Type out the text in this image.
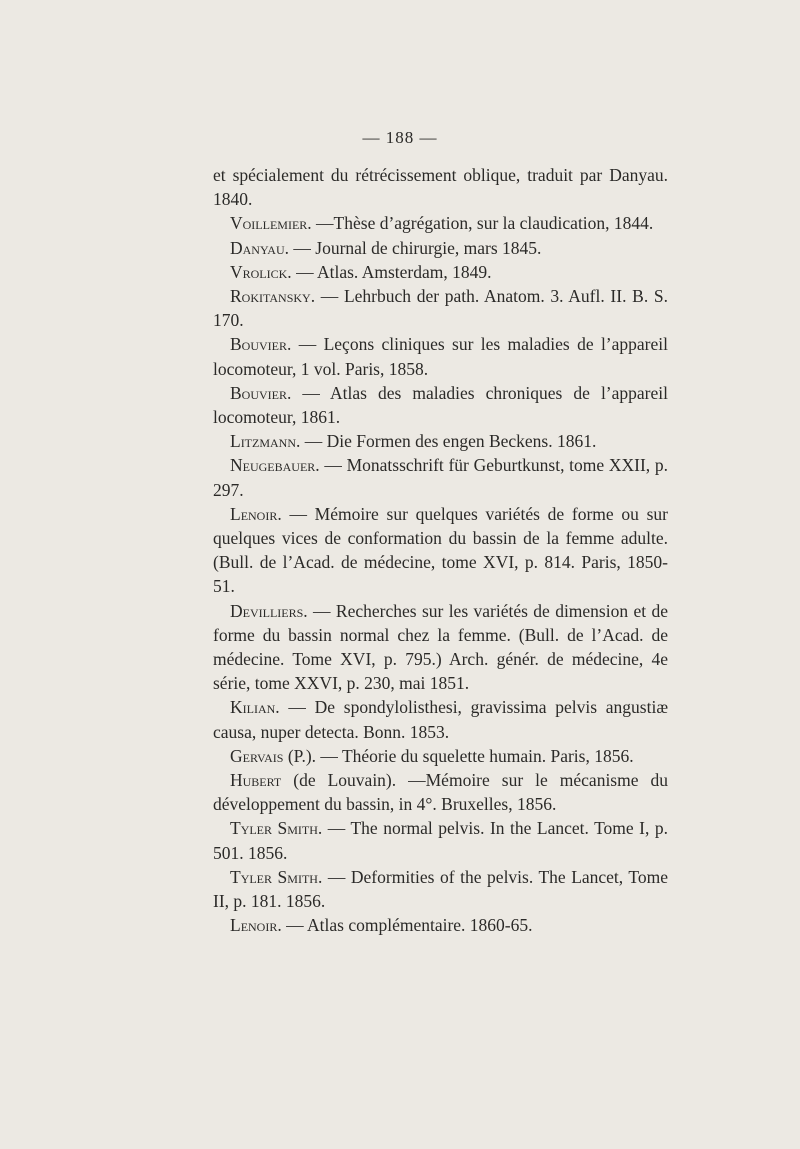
— 188 —

et spécialement du rétrécissement oblique, traduit par Danyau. 1840.

Voillemier. —Thèse d’agrégation, sur la claudication, 1844.

Danyau. — Journal de chirurgie, mars 1845.

Vrolick. — Atlas. Amsterdam, 1849.

Rokitansky. — Lehrbuch der path. Anatom. 3. Aufl. II. B. S. 170.

Bouvier. — Leçons cliniques sur les maladies de l’appareil locomoteur, 1 vol. Paris, 1858.

Bouvier. — Atlas des maladies chroniques de l’appareil locomoteur, 1861.

Litzmann. — Die Formen des engen Beckens. 1861.

Neugebauer. — Monatsschrift für Geburtkunst, tome XXII, p. 297.

Lenoir. — Mémoire sur quelques variétés de forme ou sur quelques vices de conformation du bassin de la femme adulte. (Bull. de l’Acad. de médecine, tome XVI, p. 814. Paris, 1850-51.

Devilliers. — Recherches sur les variétés de dimension et de forme du bassin normal chez la femme. (Bull. de l’Acad. de médecine. Tome XVI, p. 795.) Arch. génér. de médecine, 4e série, tome XXVI, p. 230, mai 1851.

Kilian. — De spondylolisthesi, gravissima pelvis angustiæ causa, nuper detecta. Bonn. 1853.

Gervais (P.). — Théorie du squelette humain. Paris, 1856.

Hubert (de Louvain). —Mémoire sur le mécanisme du développement du bassin, in 4°. Bruxelles, 1856.

Tyler Smith. — The normal pelvis. In the Lancet. Tome I, p. 501. 1856.

Tyler Smith. — Deformities of the pelvis. The Lancet, Tome II, p. 181. 1856.

Lenoir. — Atlas complémentaire. 1860-65.
